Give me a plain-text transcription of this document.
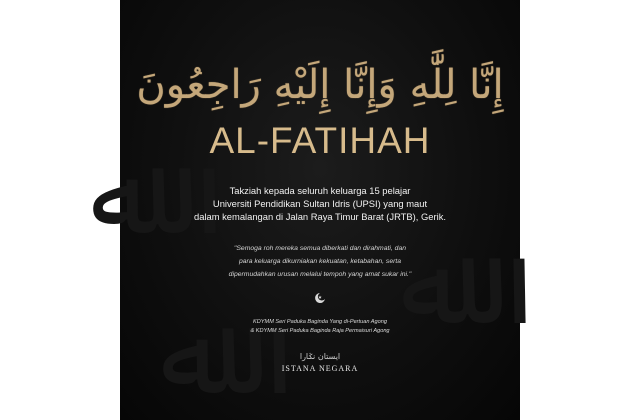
ﷲ
ﷲ
ﷲ
إِنَّا لِلَّٰهِ وَإِنَّا إِلَيْهِ رَاجِعُونَ
AL-FATIHAH
Takziah kepada seluruh keluarga 15 pelajar
Universiti Pendidikan Sultan Idris (UPSI) yang maut
dalam kemalangan di Jalan Raya Timur Barat (JRTB), Gerik.
"Semoga roh mereka semua diberkati dan dirahmati, dan
para keluarga dikurniakan kekuatan, ketabahan, serta
dipermudahkan urusan melalui tempoh yang amat sukar ini."
KDYMM Seri Paduka Baginda Yang di-Pertuan Agong
& KDYMM Seri Paduka Baginda Raja Permaisuri Agong
ايستان نݢارا
ISTANA NEGARA
